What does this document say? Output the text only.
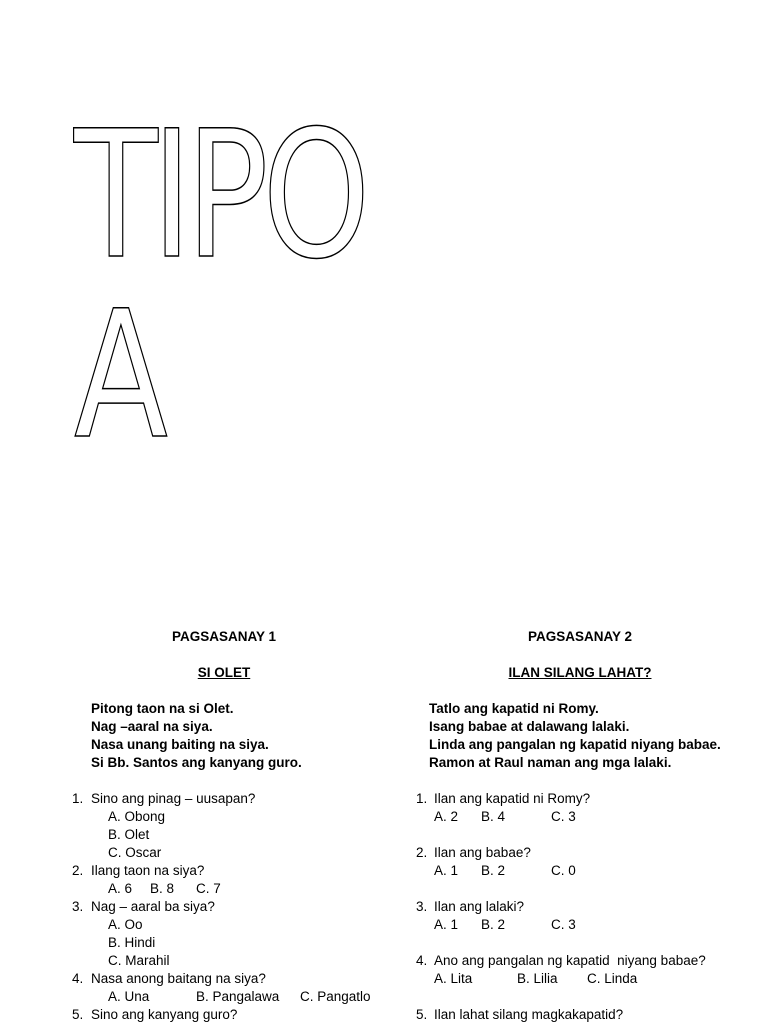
TIPO
A
PAGSASANAY 1
SI OLET
Pitong taon na si Olet.
Nag –aaral na siya.
Nasa unang baiting na siya.
Si Bb. Santos ang kanyang guro.
1. Sino ang pinag – uusapan?
A. Obong
B. Olet
C. Oscar
2. Ilang taon na siya?
A. 6 B. 8 C. 7
3. Nag – aaral ba siya?
A. Oo
B. Hindi
C. Marahil
4. Nasa anong baitang na siya?
A. Una	B. Pangalawa C. Pangatlo
5. Sino ang kanyang guro?
PAGSASANAY 2
ILAN SILANG LAHAT?
Tatlo ang kapatid ni Romy.
Isang babae at dalawang lalaki.
Linda ang pangalan ng kapatid niyang babae.
Ramon at Raul naman ang mga lalaki.
1. Ilan ang kapatid ni Romy?
A. 2 B. 4	C. 3
2. Ilan ang babae?
A. 1 B. 2	C. 0
3. Ilan ang lalaki?
A. 1 B. 2	C. 3
4. Ano ang pangalan ng kapatid  niyang babae?
A. Lita	B. Lilia C. Linda
5. Ilan lahat silang magkakapatid?
